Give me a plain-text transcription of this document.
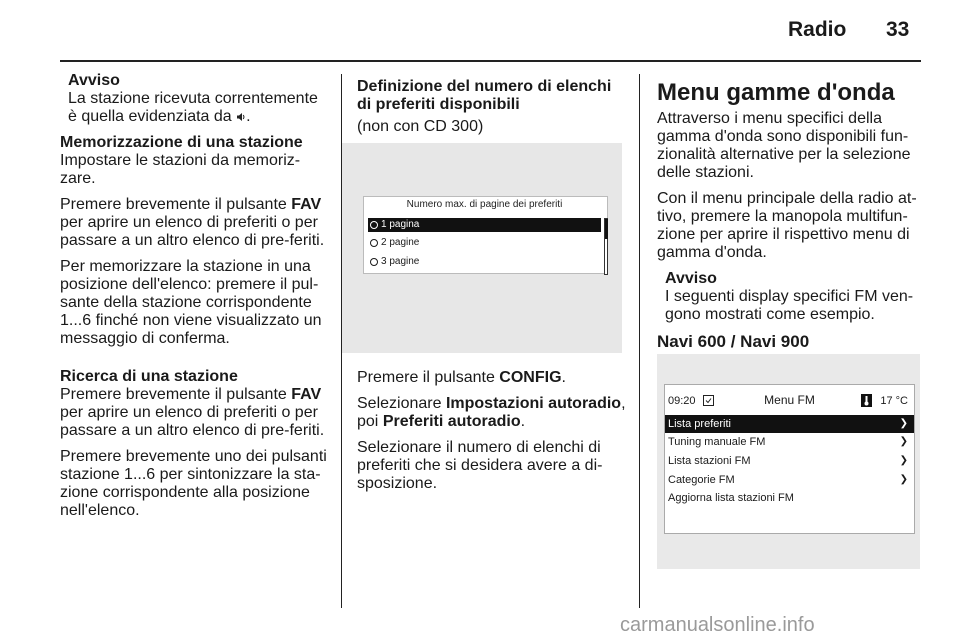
Radio 33
Avviso
La stazione ricevuta correntemente è quella evidenziata da .
Memorizzazione di una stazione

Impostare le stazioni da memoriz-zare.

Premere brevemente il pulsante FAV per aprire un elenco di preferiti o per passare a un altro elenco di pre-feriti.

Per memorizzare la stazione in una posizione dell'elenco: premere il pul-sante della stazione corrispondente 1...6 finché non viene visualizzato un messaggio di conferma.

Ricerca di una stazione

Premere brevemente il pulsante FAV per aprire un elenco di preferiti o per passare a un altro elenco di pre-feriti.

Premere brevemente uno dei pulsanti stazione 1...6 per sintonizzare la sta-zione corrispondente alla posizione nell'elenco.

Definizione del numero di elenchi di preferiti disponibili

(non con CD 300)

Numero max. di pagine dei preferiti
1 pagina
2 pagine
3 pagine

Premere il pulsante CONFIG.

Selezionare Impostazioni autoradio, poi Preferiti autoradio.

Selezionare il numero di elenchi di preferiti che si desidera avere a di-sposizione.

Menu gamme d'onda

Attraverso i menu specifici della gamma d'onda sono disponibili fun-zionalità alternative per la selezione delle stazioni.

Con il menu principale della radio at-tivo, premere la manopola multifun-zione per aprire il rispettivo menu di gamma d'onda.

Avviso
I seguenti display specifici FM ven-gono mostrati come esempio.
Navi 600 / Navi 900
09:20	Menu FM	17 °C
Lista preferiti	❯
Tuning manuale FM	❯
Lista stazioni FM	❯
Categorie FM	❯
Aggiorna lista stazioni FM
carmanualsonline.info
